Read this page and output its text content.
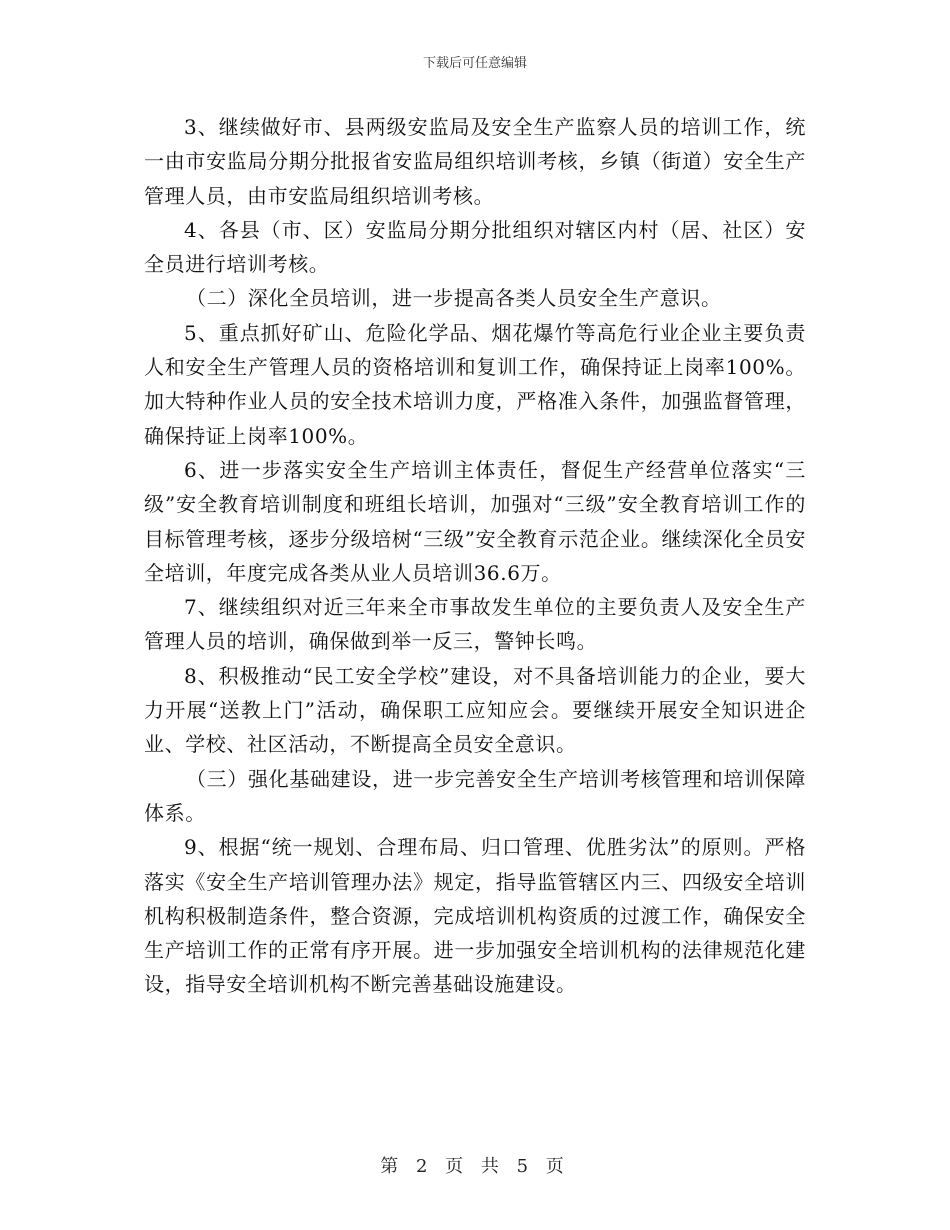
下载后可任意编辑

3、继续做好市、县两级安监局及安全生产监察人员的培训工作，统一由市安监局分期分批报省安监局组织培训考核，乡镇（街道）安全生产管理人员，由市安监局组织培训考核。

4、各县（市、区）安监局分期分批组织对辖区内村（居、社区）安全员进行培训考核。

（二）深化全员培训，进一步提高各类人员安全生产意识。

5、重点抓好矿山、危险化学品、烟花爆竹等高危行业企业主要负责人和安全生产管理人员的资格培训和复训工作，确保持证上岗率100%。加大特种作业人员的安全技术培训力度，严格准入条件，加强监督管理，确保持证上岗率100%。

6、进一步落实安全生产培训主体责任，督促生产经营单位落实“三级”安全教育培训制度和班组长培训，加强对“三级”安全教育培训工作的目标管理考核，逐步分级培树“三级”安全教育示范企业。继续深化全员安全培训，年度完成各类从业人员培训36.6万。

7、继续组织对近三年来全市事故发生单位的主要负责人及安全生产管理人员的培训，确保做到举一反三，警钟长鸣。

8、积极推动“民工安全学校”建设，对不具备培训能力的企业，要大力开展“送教上门”活动，确保职工应知应会。要继续开展安全知识进企业、学校、社区活动，不断提高全员安全意识。

（三）强化基础建设，进一步完善安全生产培训考核管理和培训保障体系。

9、根据“统一规划、合理布局、归口管理、优胜劣汰”的原则。严格落实《安全生产培训管理办法》规定，指导监管辖区内三、四级安全培训机构积极制造条件，整合资源，完成培训机构资质的过渡工作，确保安全生产培训工作的正常有序开展。进一步加强安全培训机构的法律规范化建设，指导安全培训机构不断完善基础设施建设。

第 2 页 共 5 页
